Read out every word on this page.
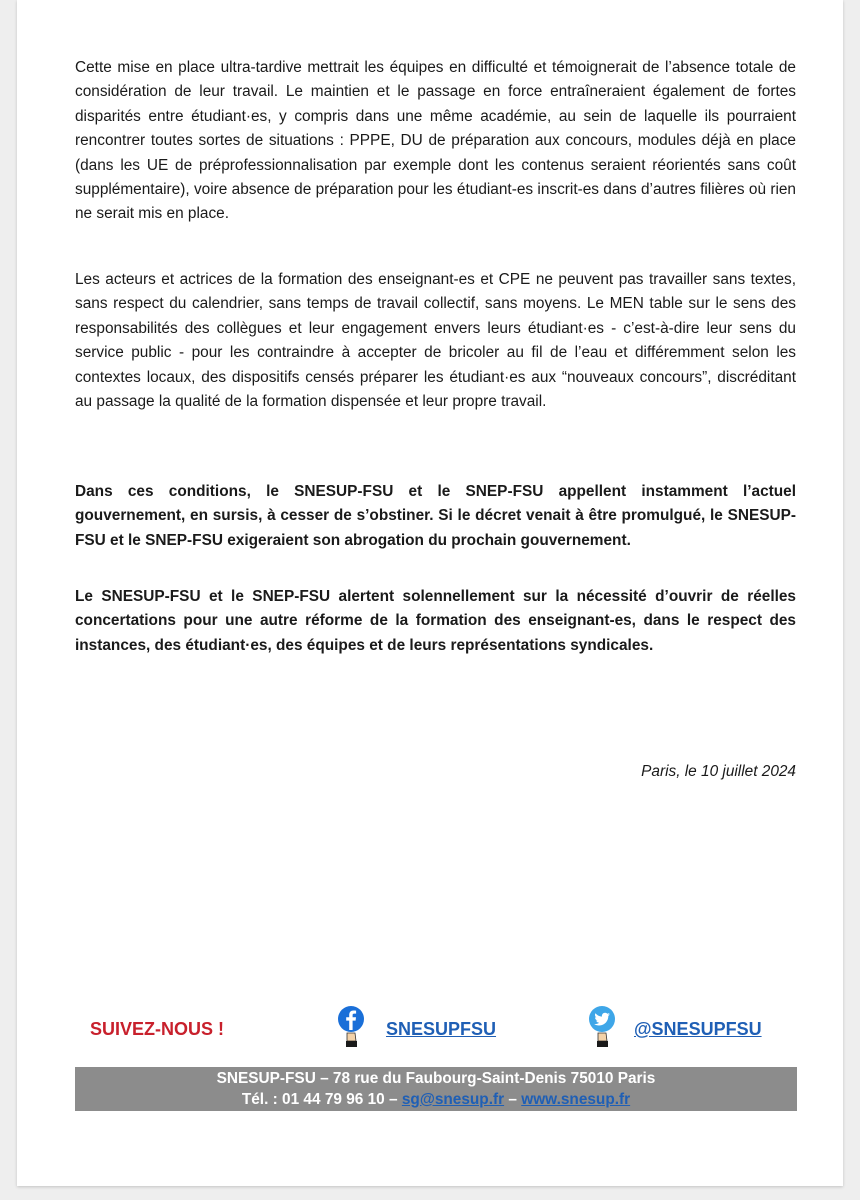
Cette mise en place ultra-tardive mettrait les équipes en difficulté et témoignerait de l’absence totale de considération de leur travail. Le maintien et le passage en force entraîneraient également de fortes disparités entre étudiant·es, y compris dans une même académie, au sein de laquelle ils pourraient rencontrer toutes sortes de situations : PPPE, DU de préparation aux concours, modules déjà en place (dans les UE de préprofessionnalisation par exemple dont les contenus seraient réorientés sans coût supplémentaire), voire absence de préparation pour les étudiant-es inscrit-es dans d’autres filières où rien ne serait mis en place.

Les acteurs et actrices de la formation des enseignant-es et CPE ne peuvent pas travailler sans textes, sans respect du calendrier, sans temps de travail collectif, sans moyens. Le MEN table sur le sens des responsabilités des collègues et leur engagement envers leurs étudiant·es - c’est-à-dire leur sens du service public - pour les contraindre à accepter de bricoler au fil de l’eau et différemment selon les contextes locaux, des dispositifs censés préparer les étudiant·es aux “nouveaux concours”, discréditant au passage la qualité de la formation dispensée et leur propre travail.

Dans ces conditions, le SNESUP-FSU et le SNEP-FSU appellent instamment l’actuel gouvernement, en sursis, à cesser de s’obstiner. Si le décret venait à être promulgué, le SNESUP-FSU et le SNEP-FSU exigeraient son abrogation du prochain gouvernement.

Le SNESUP-FSU et le SNEP-FSU alertent solennellement sur la nécessité d’ouvrir de réelles concertations pour une autre réforme de la formation des enseignant-es, dans le respect des instances, des étudiant·es, des équipes et de leurs représentations syndicales.

Paris, le 10 juillet 2024
SUIVEZ-NOUS !	SNESUPFSU	@SNESUPFSU
SNESUP-FSU – 78 rue du Faubourg-Saint-Denis 75010 Paris
Tél. : 01 44 79 96 10 – sg@snesup.fr – www.snesup.fr
